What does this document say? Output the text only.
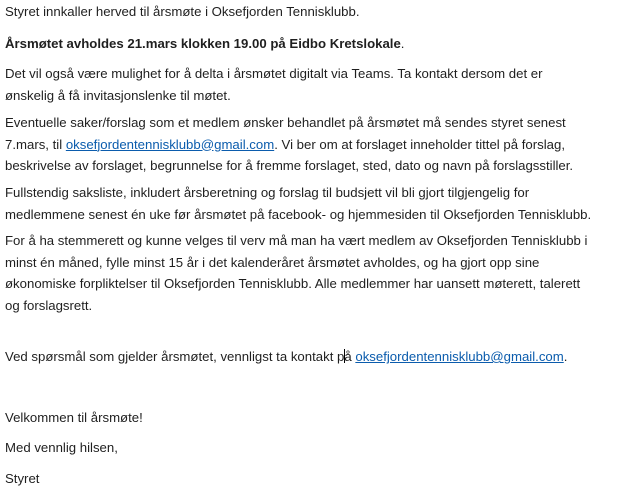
Styret innkaller herved til årsmøte i Oksefjorden Tennisklubb.

Årsmøtet avholdes 21.mars klokken 19.00 på Eidbo Kretslokale.

Det vil også være mulighet for å delta i årsmøtet digitalt via Teams. Ta kontakt dersom det er
ønskelig å få invitasjonslenke til møtet.

Eventuelle saker/forslag som et medlem ønsker behandlet på årsmøtet må sendes styret senest
7.mars, til oksefjordentennisklubb@gmail.com. Vi ber om at forslaget inneholder tittel på forslag,
beskrivelse av forslaget, begrunnelse for å fremme forslaget, sted, dato og navn på forslagsstiller.

Fullstendig saksliste, inkludert årsberetning og forslag til budsjett vil bli gjort tilgjengelig for
medlemmene senest én uke før årsmøtet på facebook- og hjemmesiden til Oksefjorden Tennisklubb.

For å ha stemmerett og kunne velges til verv må man ha vært medlem av Oksefjorden Tennisklubb i
minst én måned, fylle minst 15 år i det kalenderåret årsmøtet avholdes, og ha gjort opp sine
økonomiske forpliktelser til Oksefjorden Tennisklubb. Alle medlemmer har uansett møterett, talerett
og forslagsrett.

Ved spørsmål som gjelder årsmøtet, vennligst ta kontakt på oksefjordentennisklubb@gmail.com.

Velkommen til årsmøte!

Med vennlig hilsen,

Styret
